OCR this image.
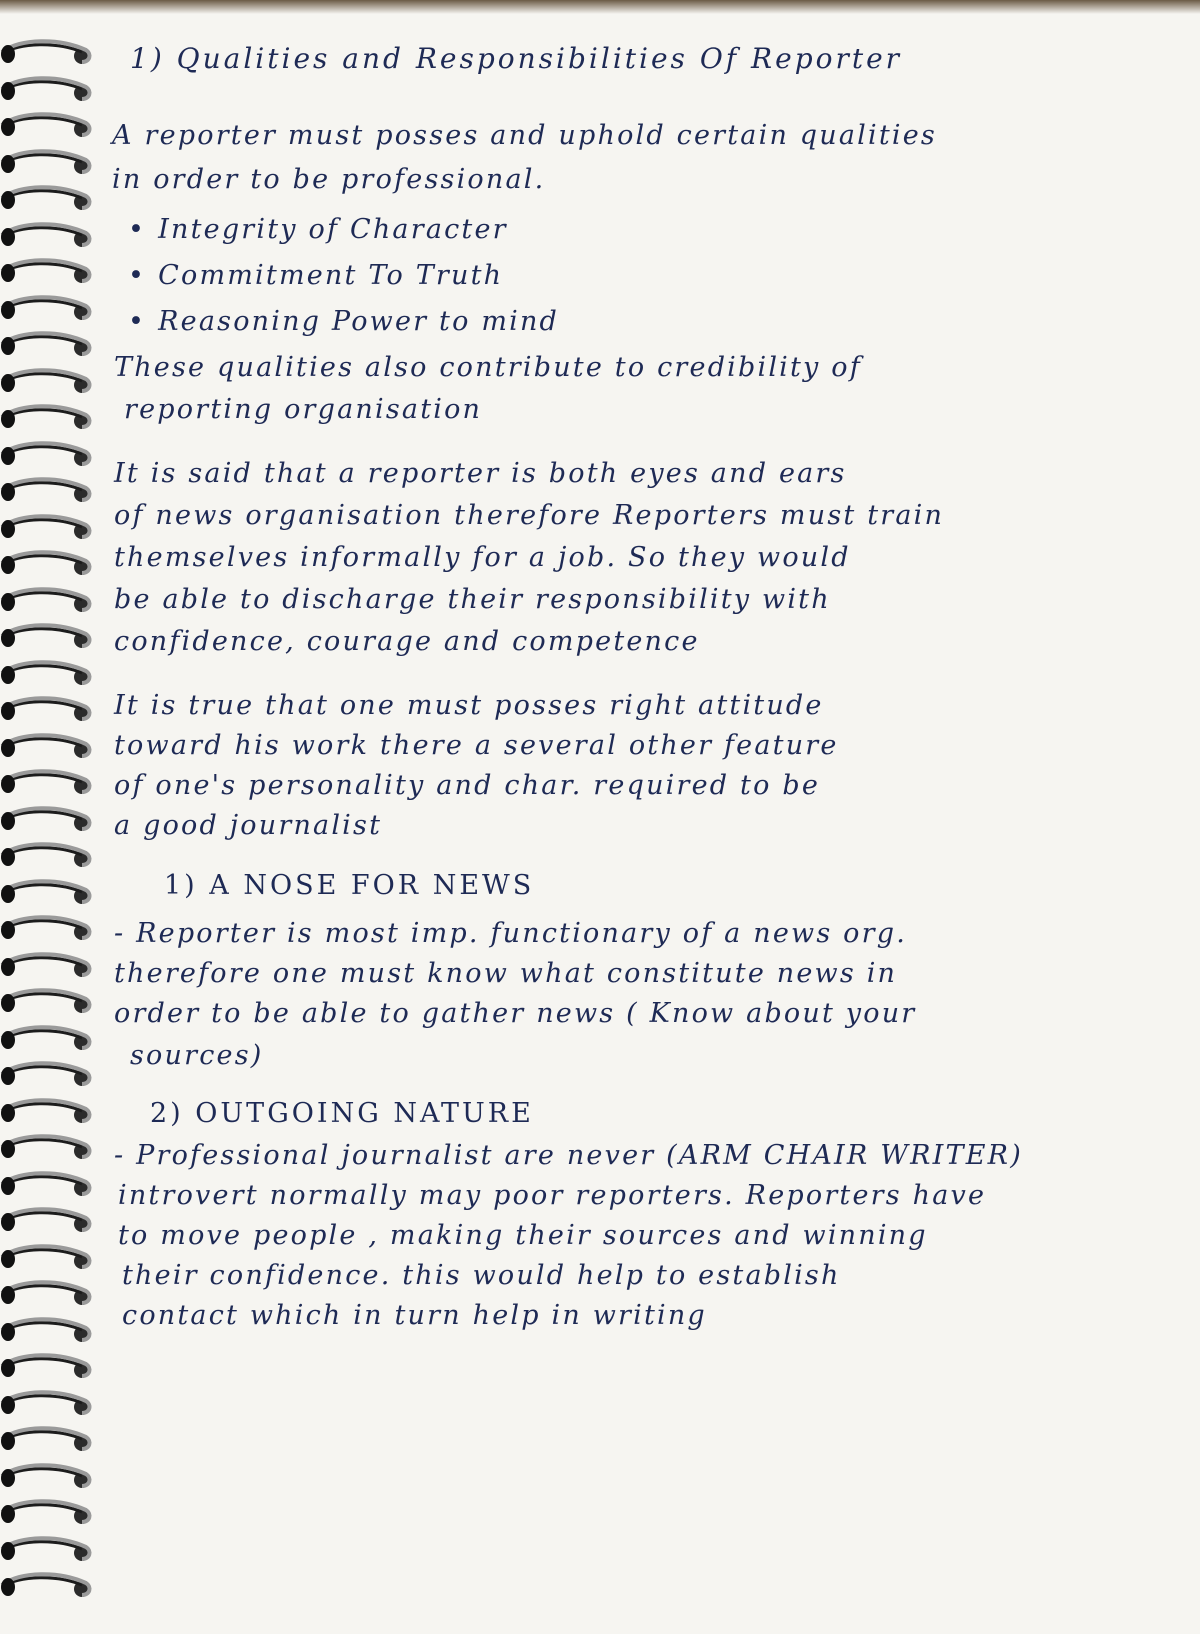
1) Qualities and Responsibilities Of Reporter
A reporter must posses and uphold certain qualities
in order to be professional.
• Integrity of Character
• Commitment To Truth
• Reasoning Power to mind
These qualities also contribute to credibility of
reporting organisation
It is said that a reporter is both eyes and ears
of news organisation therefore Reporters must train
themselves informally for a job. So they would
be able to discharge their responsibility with
confidence, courage and competence
It is true that one must posses right attitude
toward his work there a several other feature
of one's personality and char. required to be
a good journalist
1) A NOSE FOR NEWS
- Reporter is most imp. functionary of a news org.
therefore one must know what constitute news in
order to be able to gather news ( Know about your
sources)
2) OUTGOING NATURE
- Professional journalist are never (ARM CHAIR WRITER)
introvert normally may poor reporters. Reporters have
to move people , making their sources and winning
their confidence. this would help to establish
contact which in turn help in writing
